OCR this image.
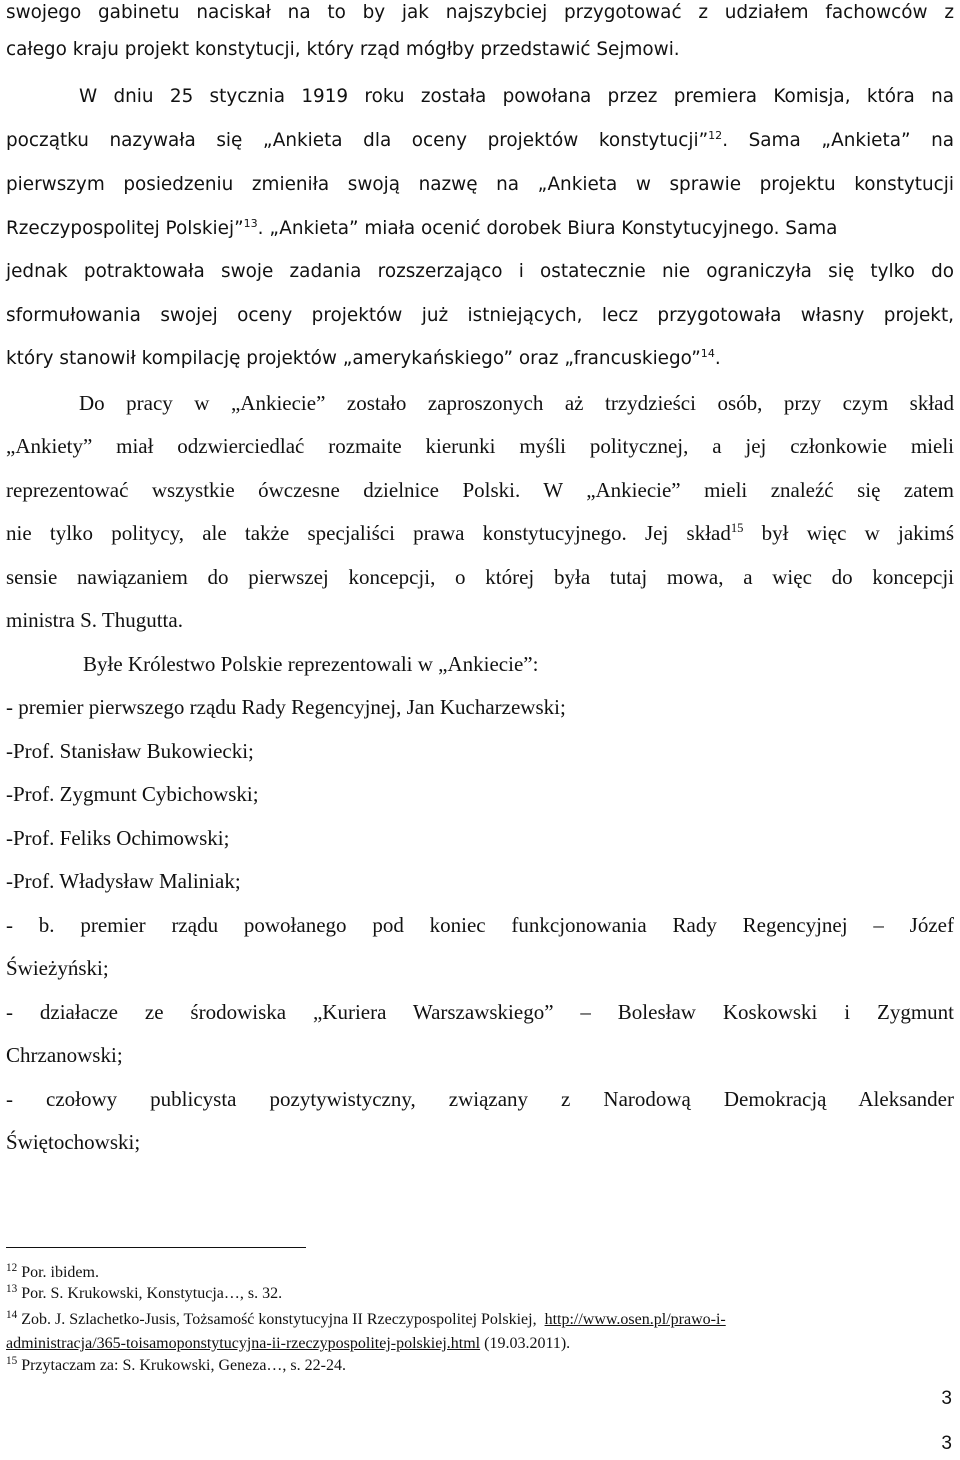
swojego gabinetu naciskał na to by jak najszybciej przygotować z udziałem fachowców z
całego kraju projekt konstytucji, który rząd mógłby przedstawić Sejmowi.
W dniu 25 stycznia 1919 roku została powołana przez premiera Komisja, która na
początku nazywała się „Ankieta dla oceny projektów konstytucji”$^{12}$. Sama „Ankieta” na
pierwszym posiedzeniu zmieniła swoją nazwę na „Ankieta w sprawie projektu konstytucji
Rzeczypospolitej Polskiej”$^{13}$. „Ankieta” miała ocenić dorobek Biura Konstytucyjnego. Sama
jednak potraktowała swoje zadania rozszerzająco i ostatecznie nie ograniczyła się tylko do
sformułowania swojej oceny projektów już istniejących, lecz przygotowała własny projekt,
który stanowił kompilację projektów „amerykańskiego” oraz „francuskiego”$^{14}$.
Do pracy w „Ankiecie” zostało zaproszonych aż trzydzieści osób, przy czym skład
„Ankiety” miał odzwierciedlać rozmaite kierunki myśli politycznej, a jej członkowie mieli
reprezentować wszystkie ówczesne dzielnice Polski. W „Ankiecie” mieli znaleźć się zatem
nie tylko politycy, ale także specjaliści prawa konstytucyjnego. Jej skład$^{15}$ był więc w jakimś
sensie nawiązaniem do pierwszej koncepcji, o której była tutaj mowa, a więc do koncepcji
ministra S. Thugutta.
Byłe Królestwo Polskie reprezentowali w „Ankiecie”:
- premier pierwszego rządu Rady Regencyjnej, Jan Kucharzewski;
-Prof. Stanisław Bukowiecki;
-Prof. Zygmunt Cybichowski;
-Prof. Feliks Ochimowski;
-Prof. Władysław Maliniak;
- b. premier rządu powołanego pod koniec funkcjonowania Rady Regencyjnej – Józef
Świeżyński;
- działacze ze środowiska „Kuriera Warszawskiego” – Bolesław Koskowski i Zygmunt
Chrzanowski;
- czołowy publicysta pozytywistyczny, związany z Narodową Demokracją Aleksander
Świętochowski;
$^{12}$ Por. ibidem.
$^{13}$ Por. S. Krukowski, Konstytucja…, s. 32.
$^{14}$ Zob. J. Szlachetko-Jusis, Tożsamość konstytucyjna II Rzeczypospolitej Polskiej, http://www.osen.pl/prawo-i-
administracja/365-toisamoponstytucyjna-ii-rzeczypospolitej-polskiej.html (19.03.2011).
$^{15}$ Przytaczam za: S. Krukowski, Geneza…, s. 22-24.
3
3
